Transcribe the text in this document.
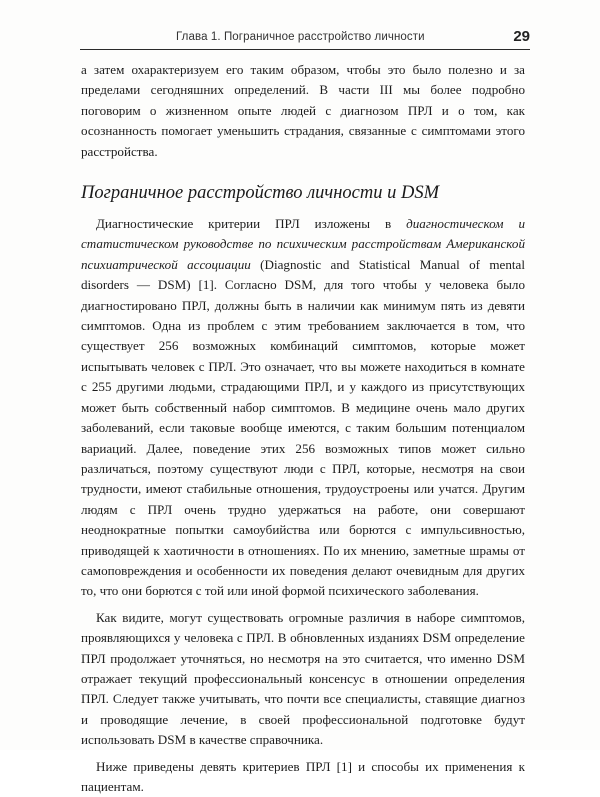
Глава 1. Пограничное расстройство личности	29

а затем охарактеризуем его таким образом, чтобы это было полезно и за пределами сегодняшних определений. В части III мы более подробно поговорим о жизненном опыте людей с диагнозом ПРЛ и о том, как осознанность помогает уменьшить страдания, связанные с симптомами этого расстройства.

Пограничное расстройство личности и DSM

Диагностические критерии ПРЛ изложены в диагностическом и статистическом руководстве по психическим расстройствам Американской психиатрической ассоциации (Diagnostic and Statistical Manual of mental disorders — DSM) [1]. Согласно DSM, для того чтобы у человека было диагностировано ПРЛ, должны быть в наличии как минимум пять из девяти симптомов. Одна из проблем с этим требованием заключается в том, что существует 256 возможных комбинаций симптомов, которые может испытывать человек с ПРЛ. Это означает, что вы можете находиться в комнате с 255 другими людьми, страдающими ПРЛ, и у каждого из присутствующих может быть собственный набор симптомов. В медицине очень мало других заболеваний, если таковые вообще имеются, с таким большим потенциалом вариаций. Далее, поведение этих 256 возможных типов может сильно различаться, поэтому существуют люди с ПРЛ, которые, несмотря на свои трудности, имеют стабильные отношения, трудоустроены или учатся. Другим людям с ПРЛ очень трудно удержаться на работе, они совершают неоднократные попытки самоубийства или борются с импульсивностью, приводящей к хаотичности в отношениях. По их мнению, заметные шрамы от самоповреждения и особенности их поведения делают очевидным для других то, что они борются с той или иной формой психического заболевания.

Как видите, могут существовать огромные различия в наборе симптомов, проявляющихся у человека с ПРЛ. В обновленных изданиях DSM определение ПРЛ продолжает уточняться, но несмотря на это считается, что именно DSM отражает текущий профессиональный консенсус в отношении определения ПРЛ. Следует также учитывать, что почти все специалисты, ставящие диагноз и проводящие лечение, в своей профессиональной подготовке будут использовать DSM в качестве справочника.

Ниже приведены девять критериев ПРЛ [1] и способы их применения к пациентам.
